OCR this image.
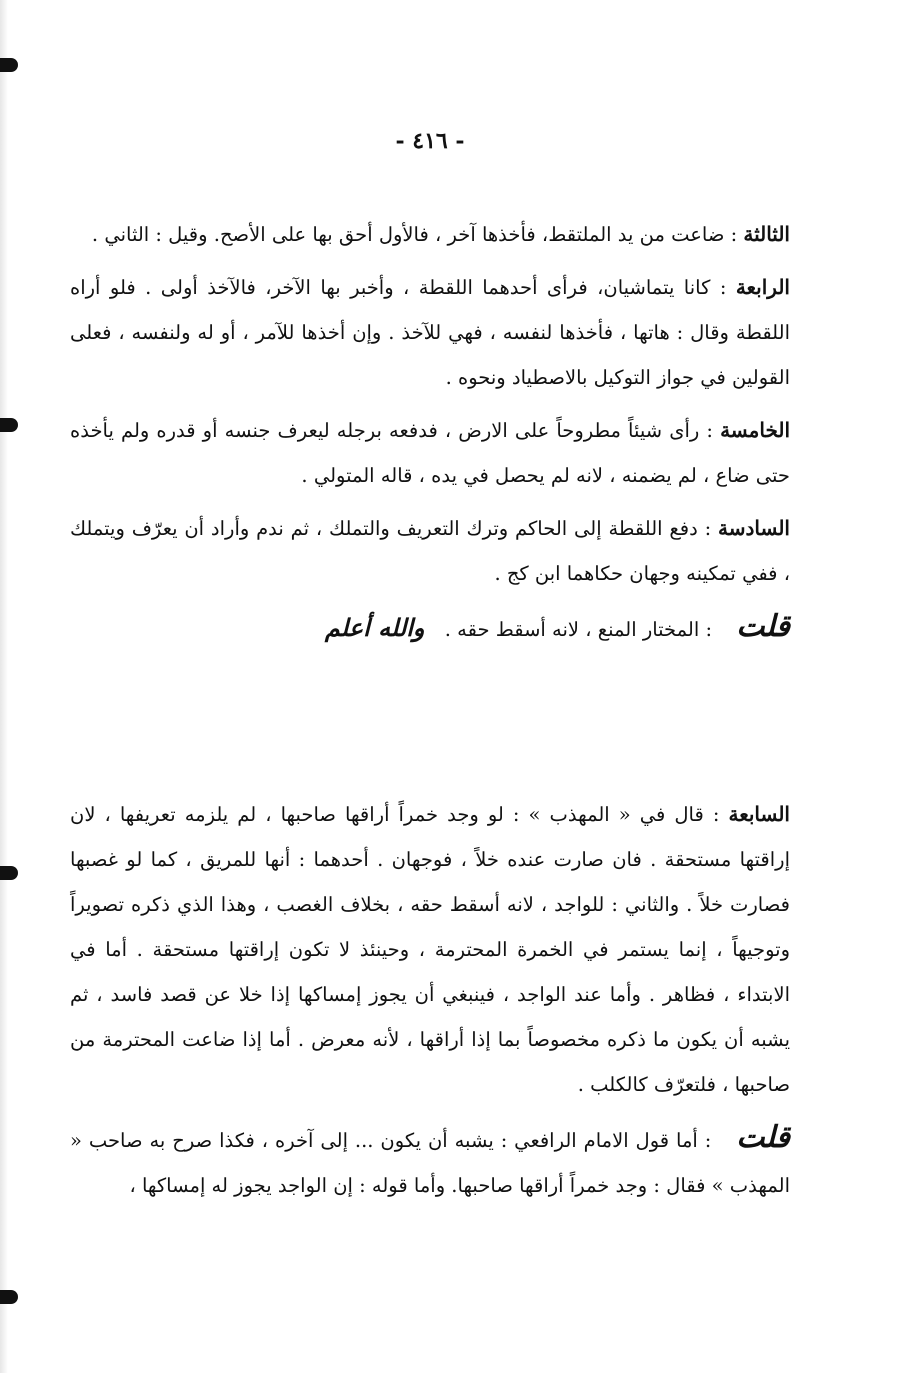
- ٤١٦ -

الثالثة : ضاعت من يد الملتقط، فأخذها آخر ، فالأول أحق بها على الأصح. وقيل : الثاني .

الرابعة : كانا يتماشيان، فرأى أحدهما اللقطة ، وأخبر بها الآخر، فالآخذ أولى . فلو أراه اللقطة وقال : هاتها ، فأخذها لنفسه ، فهي للآخذ . وإن أخذها للآمر ، أو له ولنفسه ، فعلى القولين في جواز التوكيل بالاصطياد ونحوه .

الخامسة : رأى شيئاً مطروحاً على الارض ، فدفعه برجله ليعرف جنسه أو قدره ولم يأخذه حتى ضاع ، لم يضمنه ، لانه لم يحصل في يده ، قاله المتولي .

السادسة : دفع اللقطة إلى الحاكم وترك التعريف والتملك ، ثم ندم وأراد أن يعرّف ويتملك ، ففي تمكينه وجهان حكاهما ابن كج .

قلت : المختار المنع ، لانه أسقط حقه . والله أعلم

السابعة : قال في « المهذب » : لو وجد خمراً أراقها صاحبها ، لم يلزمه تعريفها ، لان إراقتها مستحقة . فان صارت عنده خلاً ، فوجهان . أحدهما : أنها للمريق ، كما لو غصبها فصارت خلاً . والثاني : للواجد ، لانه أسقط حقه ، بخلاف الغصب ، وهذا الذي ذكره تصويراً وتوجيهاً ، إنما يستمر في الخمرة المحترمة ، وحينئذ لا تكون إراقتها مستحقة . أما في الابتداء ، فظاهر . وأما عند الواجد ، فينبغي أن يجوز إمساكها إذا خلا عن قصد فاسد ، ثم يشبه أن يكون ما ذكره مخصوصاً بما إذا أراقها ، لأنه معرض . أما إذا ضاعت المحترمة من صاحبها ، فلتعرّف كالكلب .

قلت : أما قول الامام الرافعي : يشبه أن يكون ... إلى آخره ، فكذا صرح به صاحب « المهذب » فقال : وجد خمراً أراقها صاحبها. وأما قوله : إن الواجد يجوز له إمساكها ،
